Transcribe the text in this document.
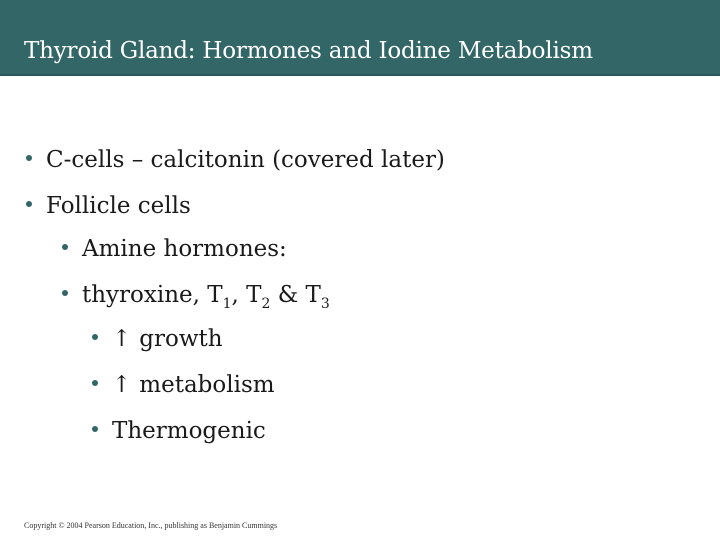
Thyroid Gland: Hormones and Iodine Metabolism
C-cells – calcitonin (covered later)
Follicle cells
Amine hormones:
thyroxine, $T_1$, $T_2$ & $T_3$
↑ growth
↑ metabolism
Thermogenic
Copyright © 2004 Pearson Education, Inc., publishing as Benjamin Cummings
